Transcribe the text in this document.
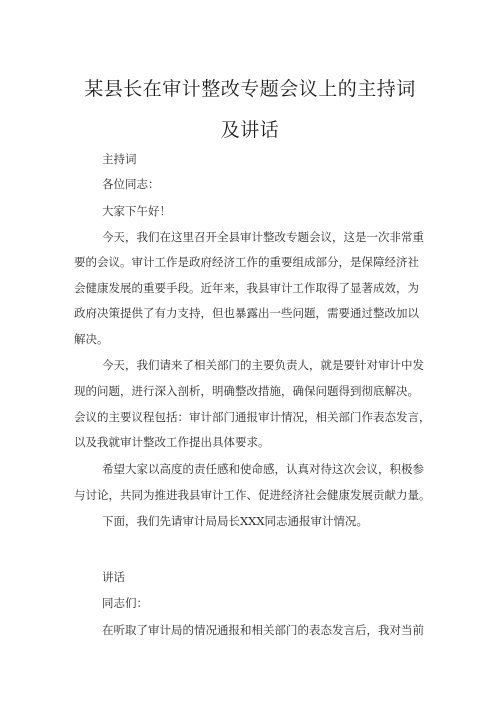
某县长在审计整改专题会议上的主持词
及讲话
主持词
各位同志：
大家下午好！
今天，我们在这里召开全县审计整改专题会议，这是一次非常重
要的会议。审计工作是政府经济工作的重要组成部分，是保障经济社
会健康发展的重要手段。近年来，我县审计工作取得了显著成效，为
政府决策提供了有力支持，但也暴露出一些问题，需要通过整改加以
解决。
今天，我们请来了相关部门的主要负责人，就是要针对审计中发
现的问题，进行深入剖析，明确整改措施，确保问题得到彻底解决。
会议的主要议程包括：审计部门通报审计情况，相关部门作表态发言，
以及我就审计整改工作提出具体要求。
希望大家以高度的责任感和使命感，认真对待这次会议，积极参
与讨论，共同为推进我县审计工作、促进经济社会健康发展贡献力量。
下面，我们先请审计局局长XXX同志通报审计情况。
讲话
同志们：
在听取了审计局的情况通报和相关部门的表态发言后，我对当前
